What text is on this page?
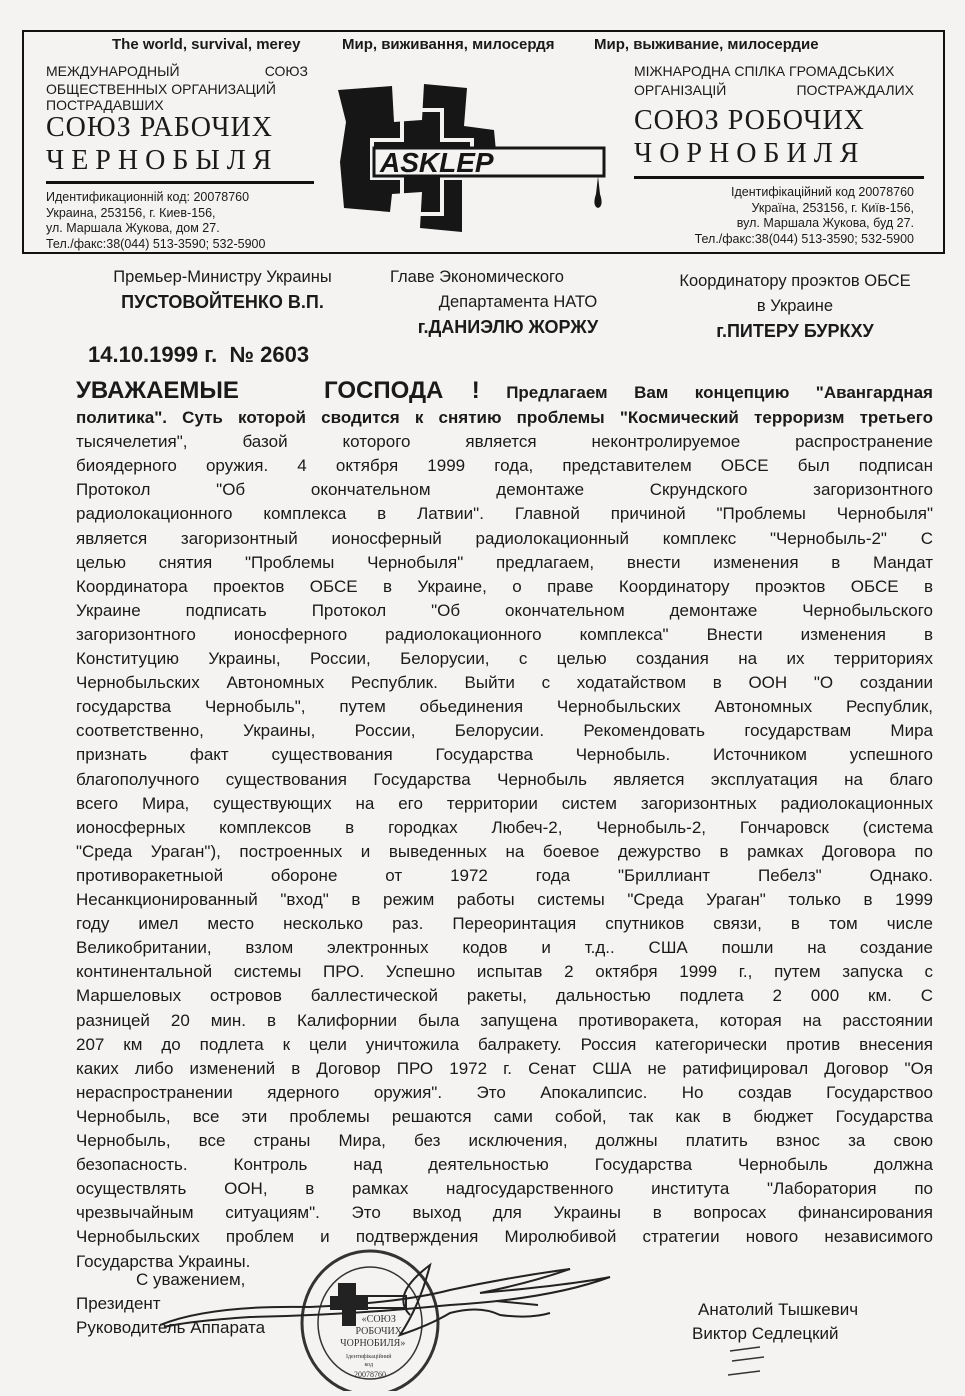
The world, survival, merey	Мир, виживання, милосердя	Мир, выживание, милосердие
МЕЖДУНАРОДНЫЙ	СОЮЗ
ОБЩЕСТВЕННЫХ ОРГАНИЗАЦИЙ
ПОСТРАДАВШИХ
СОЮЗ РАБОЧИХ
ЧЕРНОБЫЛЯ
Идентификационній код: 20078760
Украина, 253156, г. Киев-156,
ул. Маршала Жукова, дом 27.
Тел./факс:38(044) 513-3590; 532-5900
ASKLEP
МІЖНАРОДНА СПІЛКА ГРОМАДСЬКИХ
ОРГАНІЗАЦІЙ	ПОСТРАЖДАЛИХ
СОЮЗ РОБОЧИХ
ЧОРНОБИЛЯ
Ідентифікаційний код 20078760
Україна, 253156, г. Київ-156,
вул. Маршала Жукова, буд 27.
Тел./факс:38(044) 513-3590; 532-5900
Премьер-Министру Украины
ПУСТОВОЙТЕНКО В.П.
Главе Экономического
Департамента НАТО
г.ДАНИЭЛЮ ЖОРЖУ
Координатору проэктов ОБСЕ
в Украине
г.ПИТЕРУ БУРКХУ
14.10.1999 г.  № 2603
УВАЖАЕМЫЕ   ГОСПОДА ! Предлагаем Вам концепцию "Авангардная
политика". Суть которой сводится к снятию проблемы "Космический терроризм третьего
тысячелетия", базой которого является неконтролируемое распространение
биоядерного оружия. 4 октября 1999 года, представителем ОБСЕ был подписан
Протокол "Об окончательном демонтаже Скрундского загоризонтного
радиолокационного комплекса в Латвии". Главной причиной "Проблемы Чернобыля"
является загоризонтный ионосферный радиолокационный комплекс "Чернобыль-2" С
целью снятия "Проблемы Чернобыля" предлагаем, внести изменения в Мандат
Координатора проектов ОБСЕ в Украине, о праве Координатору проэктов ОБСЕ в
Украине подписать Протокол "Об окончательном демонтаже Чернобыльского
загоризонтного ионосферного радиолокационного комплекса" Внести изменения в
Конституцию Украины, России, Белорусии, с целью создания на их территориях
Чернобыльских Автономных Республик. Выйти с ходатайством в ООН "О создании
государства Чернобыль", путем обьединения Чернобыльских Автономных Республик,
соответственно, Украины, России, Белорусии. Рекомендовать государствам Мира
признать факт существования Государства Чернобыль. Источником успешного
благополучного существования Государства Чернобыль является эксплуатация на благо
всего Мира, существующих на его территории систем загоризонтных радиолокационных
ионосферных комплексов в городках Любеч-2, Чернобыль-2, Гончаровск (система
"Среда Ураган"), построенных и выведенных на боевое дежурство в рамках Договора по
противоракетныой обороне от 1972 года "Бриллиант Пебелз" Однако.
Несанкционированный "вход" в режим работы системы "Среда Ураган" только в 1999
году имел место несколько раз. Переоринтация спутников связи, в том числе
Великобритании, взлом электронных кодов и т.д.. США пошли на создание
континентальной системы ПРО. Успешно испытав 2 октября 1999 г., путем запуска с
Маршеловых островов баллестической ракеты, дальностью подлета 2 000 км. С
разницей 20 мин. в Калифорнии была запущена противоракета, которая на расстоянии
207 км до подлета к цели уничтожила балракету. Россия категорически против внесения
каких либо изменений в Договор ПРО 1972 г. Сенат США не ратифицировал Договор "Оя
нераспространении ядерного оружия". Это Апокалипсис. Но создав Государствоо
Чернобыль, все эти проблемы решаются сами собой, так как в бюджет Государства
Чернобыль, все страны Мира, без исключения, должны платить взнос за свою
безопасность. Контроль над деятельностью Государства Чернобыль должна
осуществлять ООН, в рамках надгосударственного института "Лаборатория по
чрезвычайным ситуациям". Это выход для Украины в вопросах финансирования
Чернобыльских проблем и подтверждения Миролюбивой стратегии нового независимого
Государства Украины.
С уважением,
Президент
Руководитель Аппарата
Анатолий Тышкевич
Виктор Седлецкий
«СОЮЗ РОБОЧИХ ЧОРНОБИЛЯ» Ідентифікаційний код 20078760
